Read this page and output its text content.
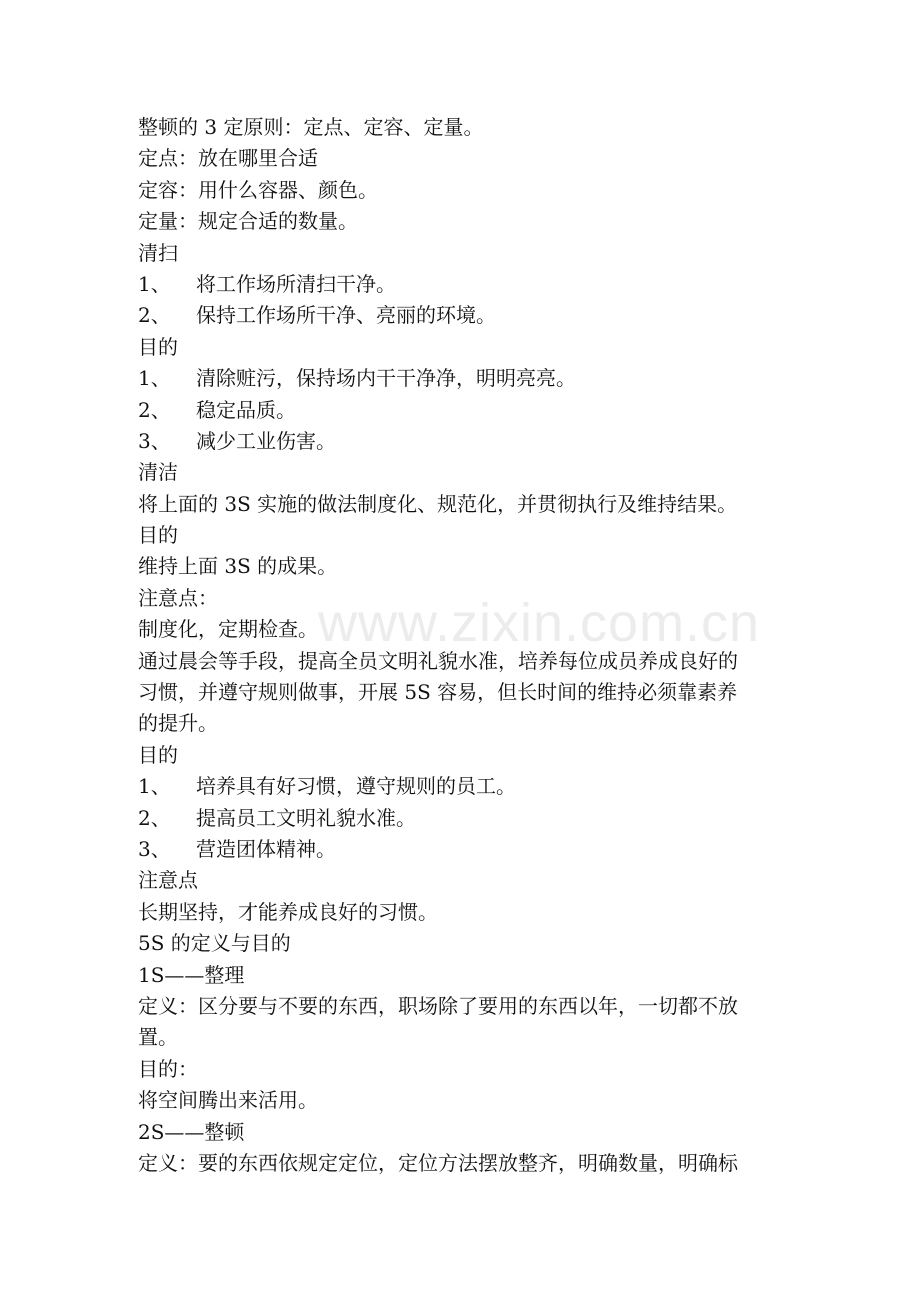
www.zixin.com.cn
整顿的 3 定原则：定点、定容、定量。
定点：放在哪里合适
定容：用什么容器、颜色。
定量：规定合适的数量。
清扫
1、 将工作场所清扫干净。
2、 保持工作场所干净、亮丽的环境。
目的
1、 清除赃污，保持场内干干净净，明明亮亮。
2、 稳定品质。
3、 减少工业伤害。
清洁
将上面的 3S 实施的做法制度化、规范化，并贯彻执行及维持结果。
目的
维持上面 3S 的成果。
注意点：
制度化，定期检查。
通过晨会等手段，提高全员文明礼貌水准，培养每位成员养成良好的
习惯，并遵守规则做事，开展 5S 容易，但长时间的维持必须靠素养
的提升。
目的
1、 培养具有好习惯，遵守规则的员工。
2、 提高员工文明礼貌水准。
3、 营造团体精神。
注意点
长期坚持，才能养成良好的习惯。
5S 的定义与目的
1S——整理
定义：区分要与不要的东西，职场除了要用的东西以年，一切都不放
置。
目的：
将空间腾出来活用。
2S——整顿
定义：要的东西依规定定位，定位方法摆放整齐，明确数量，明确标
